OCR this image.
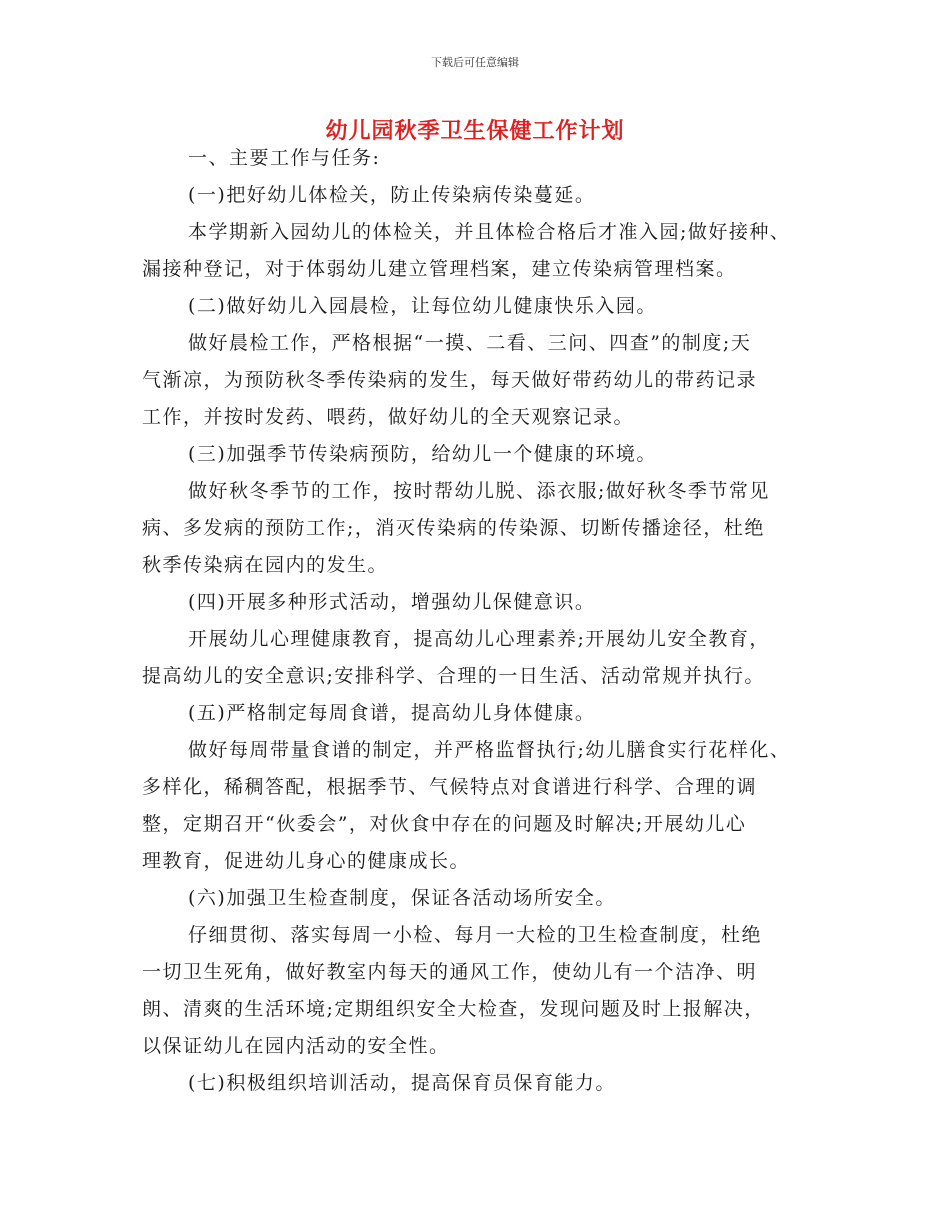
下载后可任意编辑
幼儿园秋季卫生保健工作计划
一、主要工作与任务:
(一)把好幼儿体检关，防止传染病传染蔓延。
本学期新入园幼儿的体检关，并且体检合格后才准入园;做好接种、
漏接种登记，对于体弱幼儿建立管理档案，建立传染病管理档案。
(二)做好幼儿入园晨检，让每位幼儿健康快乐入园。
做好晨检工作，严格根据“一摸、二看、三问、四查”的制度;天
气渐凉，为预防秋冬季传染病的发生，每天做好带药幼儿的带药记录
工作，并按时发药、喂药，做好幼儿的全天观察记录。
(三)加强季节传染病预防，给幼儿一个健康的环境。
做好秋冬季节的工作，按时帮幼儿脱、添衣服;做好秋冬季节常见
病、多发病的预防工作;，消灭传染病的传染源、切断传播途径，杜绝
秋季传染病在园内的发生。
(四)开展多种形式活动，增强幼儿保健意识。
开展幼儿心理健康教育，提高幼儿心理素养;开展幼儿安全教育，
提高幼儿的安全意识;安排科学、合理的一日生活、活动常规并执行。
(五)严格制定每周食谱，提高幼儿身体健康。
做好每周带量食谱的制定，并严格监督执行;幼儿膳食实行花样化、
多样化，稀稠答配，根据季节、气候特点对食谱进行科学、合理的调
整，定期召开“伙委会”，对伙食中存在的问题及时解决;开展幼儿心
理教育，促进幼儿身心的健康成长。
(六)加强卫生检查制度，保证各活动场所安全。
仔细贯彻、落实每周一小检、每月一大检的卫生检查制度，杜绝
一切卫生死角，做好教室内每天的通风工作，使幼儿有一个洁净、明
朗、清爽的生活环境;定期组织安全大检查，发现问题及时上报解决，
以保证幼儿在园内活动的安全性。
(七)积极组织培训活动，提高保育员保育能力。
